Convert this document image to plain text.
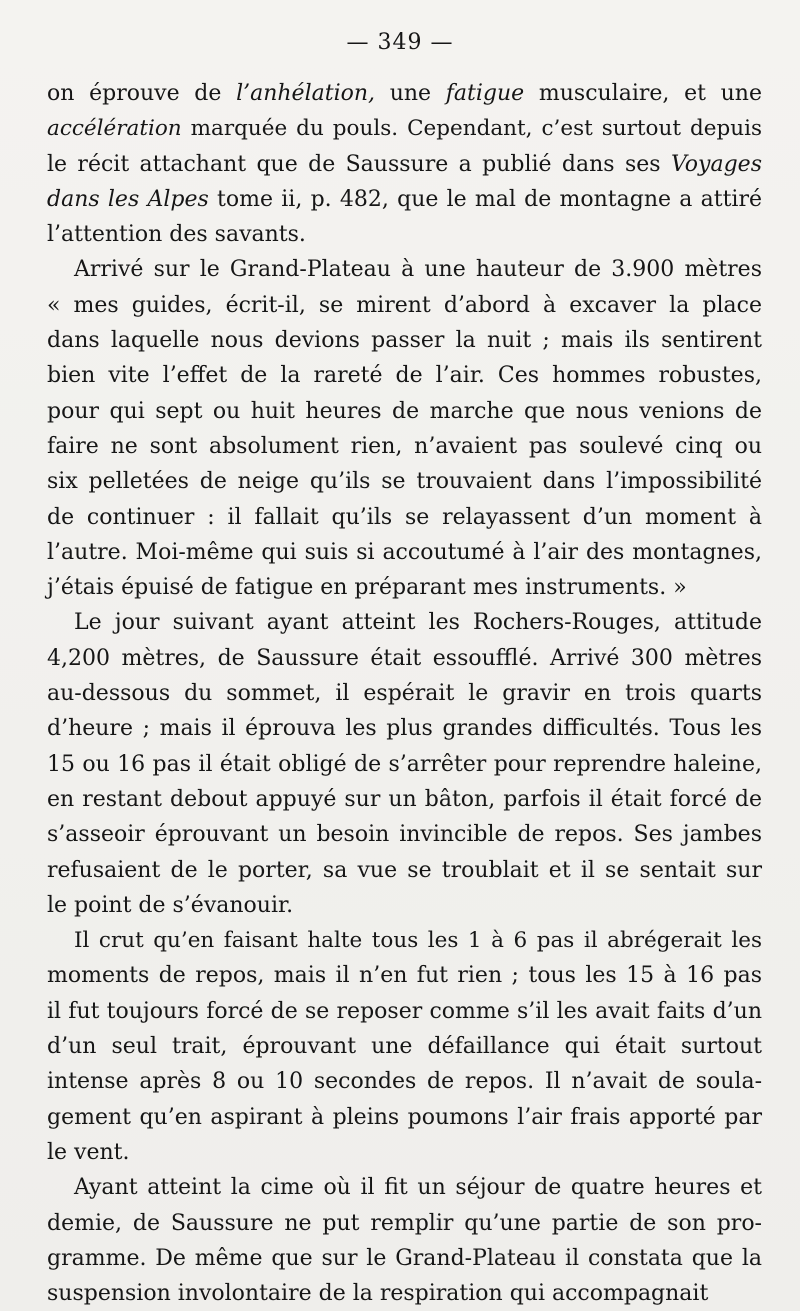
— 349 —
on éprouve de l’anhélation, une fatigue musculaire, et une
accélération marquée du pouls. Cependant, c’est surtout depuis
le récit attachant que de Saussure a publié dans ses Voyages
dans les Alpes tome ii, p. 482, que le mal de montagne a attiré
l’attention des savants.
Arrivé sur le Grand-Plateau à une hauteur de 3.900 mètres
« mes guides, écrit-il, se mirent d’abord à excaver la place
dans laquelle nous devions passer la nuit ; mais ils sentirent
bien vite l’effet de la rareté de l’air. Ces hommes robustes,
pour qui sept ou huit heures de marche que nous venions de
faire ne sont absolument rien, n’avaient pas soulevé cinq ou
six pelletées de neige qu’ils se trouvaient dans l’impossibilité
de continuer : il fallait qu’ils se relayassent d’un moment à
l’autre. Moi-même qui suis si accoutumé à l’air des montagnes,
j’étais épuisé de fatigue en préparant mes instruments. »
Le jour suivant ayant atteint les Rochers-Rouges, attitude
4,200 mètres, de Saussure était essoufflé. Arrivé 300 mètres
au-dessous du sommet, il espérait le gravir en trois quarts
d’heure ; mais il éprouva les plus grandes difficultés. Tous les
15 ou 16 pas il était obligé de s’arrêter pour reprendre haleine,
en restant debout appuyé sur un bâton, parfois il était forcé de
s’asseoir éprouvant un besoin invincible de repos. Ses jambes
refusaient de le porter, sa vue se troublait et il se sentait sur
le point de s’évanouir.
Il crut qu’en faisant halte tous les 1 à 6 pas il abrégerait les
moments de repos, mais il n’en fut rien ; tous les 15 à 16 pas
il fut toujours forcé de se reposer comme s’il les avait faits d’un
d’un seul trait, éprouvant une défaillance qui était surtout
intense après 8 ou 10 secondes de repos. Il n’avait de soula-
gement qu’en aspirant à pleins poumons l’air frais apporté par
le vent.
Ayant atteint la cime où il fit un séjour de quatre heures et
demie, de Saussure ne put remplir qu’une partie de son pro-
gramme. De même que sur le Grand-Plateau il constata que la
suspension involontaire de la respiration qui accompagnait
